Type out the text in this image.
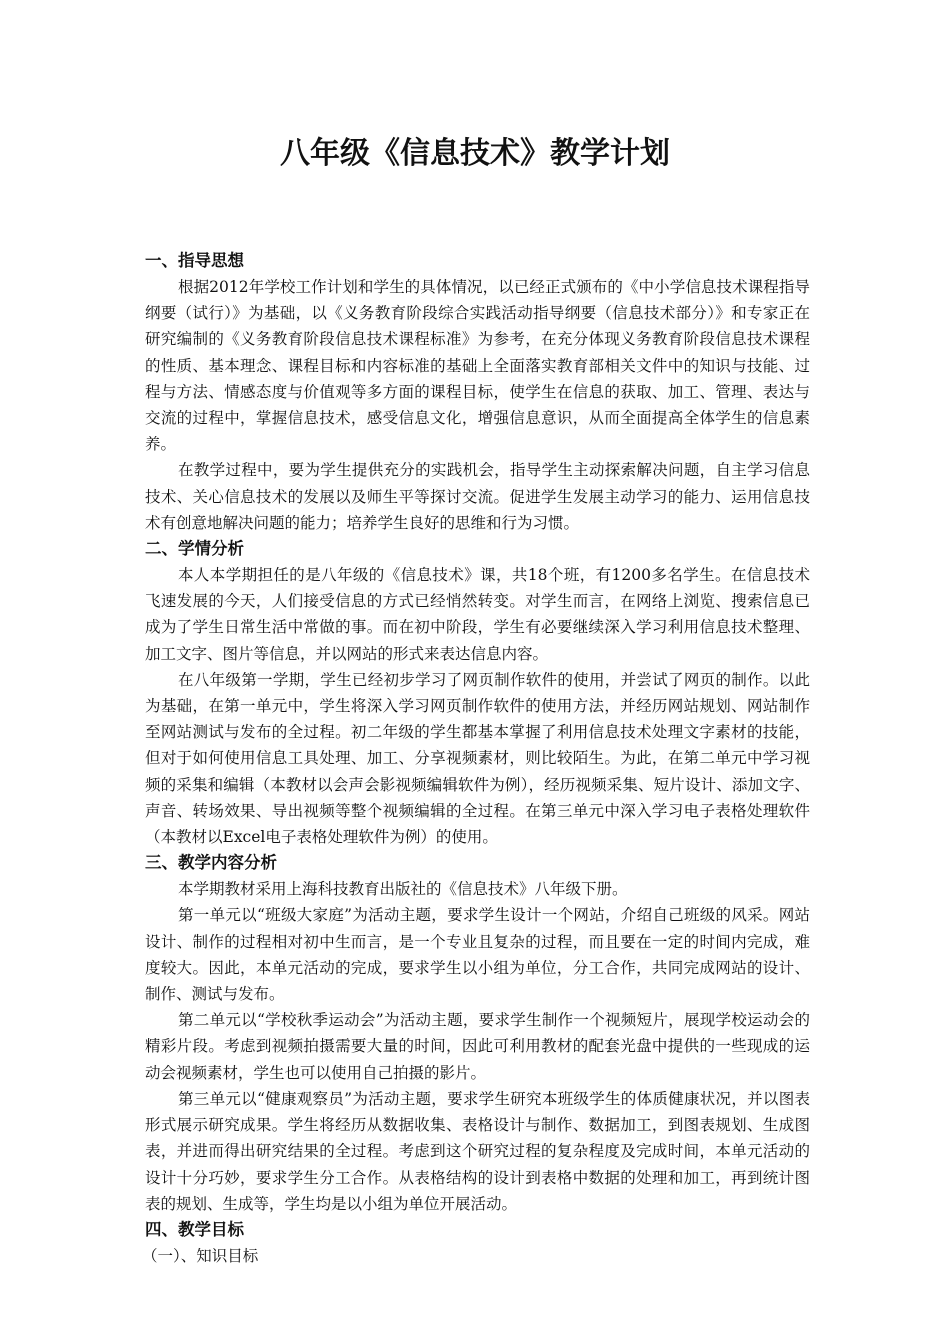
八年级《信息技术》教学计划
一、指导思想

根据2012年学校工作计划和学生的具体情况，以已经正式颁布的《中小学信息技术课程指导纲要（试行）》为基础，以《义务教育阶段综合实践活动指导纲要（信息技术部分）》和专家正在研究编制的《义务教育阶段信息技术课程标准》为参考，在充分体现义务教育阶段信息技术课程的性质、基本理念、课程目标和内容标准的基础上全面落实教育部相关文件中的知识与技能、过程与方法、情感态度与价值观等多方面的课程目标，使学生在信息的获取、加工、管理、表达与交流的过程中，掌握信息技术，感受信息文化，增强信息意识，从而全面提高全体学生的信息素养。

在教学过程中，要为学生提供充分的实践机会，指导学生主动探索解决问题，自主学习信息技术、关心信息技术的发展以及师生平等探讨交流。促进学生发展主动学习的能力、运用信息技术有创意地解决问题的能力；培养学生良好的思维和行为习惯。

二、学情分析

本人本学期担任的是八年级的《信息技术》课，共18个班，有1200多名学生。在信息技术飞速发展的今天，人们接受信息的方式已经悄然转变。对学生而言，在网络上浏览、搜索信息已成为了学生日常生活中常做的事。而在初中阶段，学生有必要继续深入学习利用信息技术整理、加工文字、图片等信息，并以网站的形式来表达信息内容。

在八年级第一学期，学生已经初步学习了网页制作软件的使用，并尝试了网页的制作。以此为基础，在第一单元中，学生将深入学习网页制作软件的使用方法，并经历网站规划、网站制作至网站测试与发布的全过程。初二年级的学生都基本掌握了利用信息技术处理文字素材的技能，但对于如何使用信息工具处理、加工、分享视频素材，则比较陌生。为此，在第二单元中学习视频的采集和编辑（本教材以会声会影视频编辑软件为例），经历视频采集、短片设计、添加文字、声音、转场效果、导出视频等整个视频编辑的全过程。在第三单元中深入学习电子表格处理软件（本教材以Excel电子表格处理软件为例）的使用。

三、教学内容分析

本学期教材采用上海科技教育出版社的《信息技术》八年级下册。

第一单元以“班级大家庭”为活动主题，要求学生设计一个网站，介绍自己班级的风采。网站设计、制作的过程相对初中生而言，是一个专业且复杂的过程，而且要在一定的时间内完成，难度较大。因此，本单元活动的完成，要求学生以小组为单位，分工合作，共同完成网站的设计、制作、测试与发布。

第二单元以“学校秋季运动会”为活动主题，要求学生制作一个视频短片，展现学校运动会的精彩片段。考虑到视频拍摄需要大量的时间，因此可利用教材的配套光盘中提供的一些现成的运动会视频素材，学生也可以使用自己拍摄的影片。

第三单元以“健康观察员”为活动主题，要求学生研究本班级学生的体质健康状况，并以图表形式展示研究成果。学生将经历从数据收集、表格设计与制作、数据加工，到图表规划、生成图表，并进而得出研究结果的全过程。考虑到这个研究过程的复杂程度及完成时间，本单元活动的设计十分巧妙，要求学生分工合作。从表格结构的设计到表格中数据的处理和加工，再到统计图表的规划、生成等，学生均是以小组为单位开展活动。

四、教学目标

（一）、知识目标
